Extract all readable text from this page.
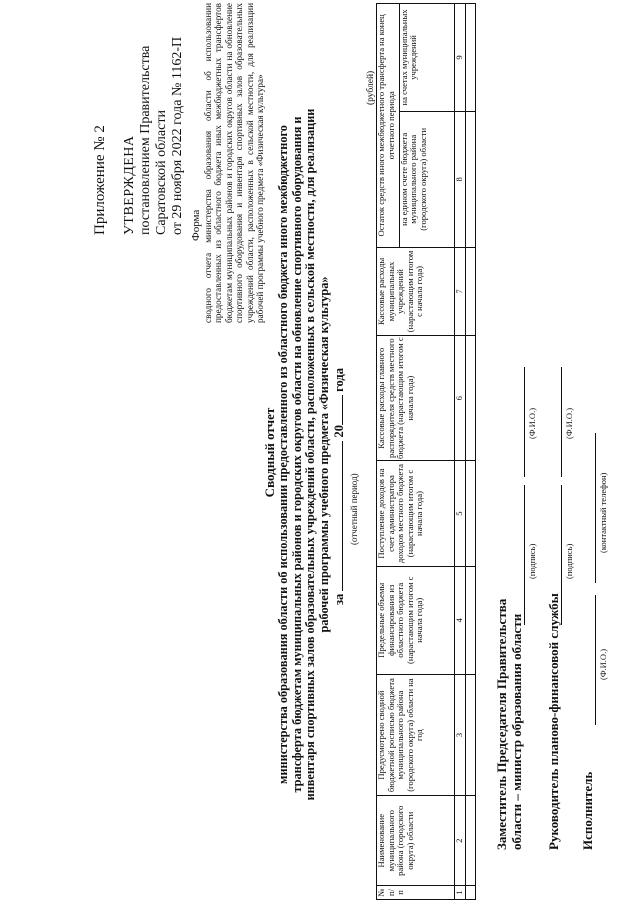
Приложение № 2 УТВЕРЖДЕНА постановлением Правительства Саратовской области от 29 ноября 2022 года № 1162-П Форма сводного отчета министерства образования области об использовании предоставленных из областного бюджета иных межбюджетных трансфертов бюджетам муниципальных районов и городских округов области на обновление спортивного оборудования и инвентаря спортивных залов образовательных учреждений области, расположенных в сельской местности, для реализации рабочей программы учебного предмета «Физическая культура»
Сводный отчет министерства образования области об использовании предоставленного из областного бюджета иного межбюджетного трансферта бюджетам муниципальных районов и городских округов области на обновление спортивного оборудования и инвентаря спортивных залов образовательных учреждений области, расположенных в сельской местности, для реализации рабочей программы учебного предмета «Физическая культура» за  20 года
(отчетный период)
(рублей)
№ п/п	Наименование муниципального района (городского округа) области	Предусмотрено сводной бюджетной росписью бюджета муниципального района (городского округа) области на год	Предельные объемы финансирования из областного бюджета (нарастающим итогом с начала года)	Поступление доходов на счет администратора доходов местного бюджета (нарастающим итогом с начала года)	Кассовые расходы главного распорядителя средств местного бюджета (нарастающим итогом с начала года)	Кассовые расходы муниципальных учреждений (нарастающим итогом с начала года)	Остаток средств иного межбюджетного трансферта на конец отчетного периода	
							на едином счете бюджета муниципального района (городского округа) области	на счетах муниципальных учреждений
1	2	3	4	5	6	7	8	9

Заместитель Председателя Правительства области – министр образования области
(подпись)
(Ф.И.О.)
Руководитель планово-финансовой службы
(подпись)
(Ф.И.О.)
Исполнитель
(Ф.И.О.)
(контактный телефон)
